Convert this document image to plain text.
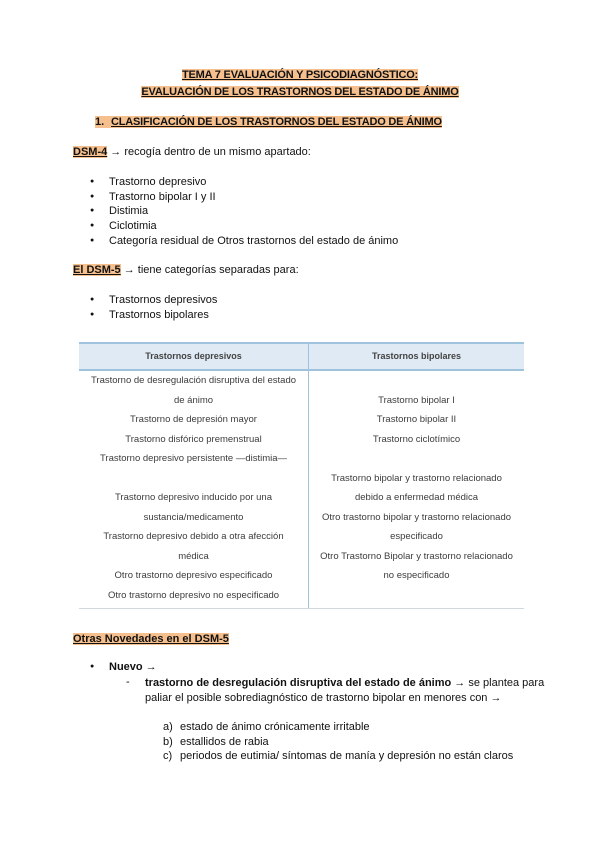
TEMA 7 EVALUACIÓN Y PSICODIAGNÓSTICO:
EVALUACIÓN DE LOS TRASTORNOS DEL ESTADO DE ÁNIMO
1. CLASIFICACIÓN DE LOS TRASTORNOS DEL ESTADO DE ÁNIMO
DSM-4 → recogía dentro de un mismo apartado:
● Trastorno depresivo
● Trastorno bipolar I y II
● Distimia
● Ciclotimia
● Categoría residual de Otros trastornos del estado de ánimo
El DSM-5 → tiene categorías separadas para:
● Trastornos depresivos
● Trastornos bipolares
Trastornos depresivos	Trastornos bipolares
Trastorno de desregulación disruptiva del estado
de ánimo
Trastorno de depresión mayor
Trastorno disfórico premenstrual
Trastorno depresivo persistente —distimia—
Trastorno depresivo inducido por una
sustancia/medicamento
Trastorno depresivo debido a otra afección
médica
Otro trastorno depresivo especificado
Otro trastorno depresivo no especificado
Trastorno bipolar I
Trastorno bipolar II
Trastorno ciclotímico
Trastorno bipolar y trastorno relacionado
debido a enfermedad médica
Otro trastorno bipolar y trastorno relacionado
especificado
Otro Trastorno Bipolar y trastorno relacionado
no especificado
Otras Novedades en el DSM-5
● Nuevo →
- trastorno de desregulación disruptiva del estado de ánimo → se plantea para paliar el posible sobrediagnóstico de trastorno bipolar en menores con →
a) estado de ánimo crónicamente irritable
b) estallidos de rabia
c) periodos de eutimia/ síntomas de manía y depresión no están claros
